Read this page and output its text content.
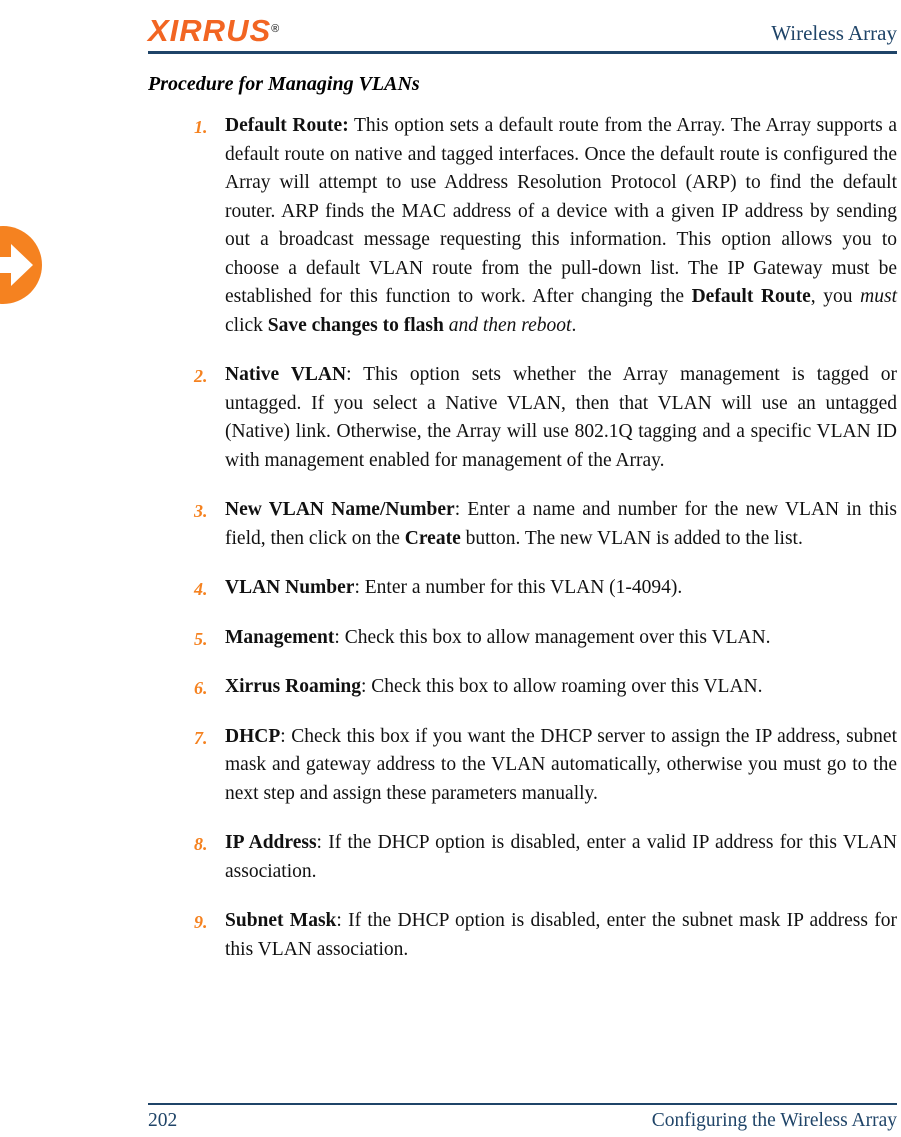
XIRRUS®	Wireless Array
Procedure for Managing VLANs
1. Default Route: This option sets a default route from the Array. The Array supports a default route on native and tagged interfaces. Once the default route is configured the Array will attempt to use Address Resolution Protocol (ARP) to find the default router. ARP finds the MAC address of a device with a given IP address by sending out a broadcast message requesting this information. This option allows you to choose a default VLAN route from the pull-down list. The IP Gateway must be established for this function to work. After changing the Default Route, you must click Save changes to flash and then reboot.
2. Native VLAN: This option sets whether the Array management is tagged or untagged. If you select a Native VLAN, then that VLAN will use an untagged (Native) link. Otherwise, the Array will use 802.1Q tagging and a specific VLAN ID with management enabled for management of the Array.
3. New VLAN Name/Number: Enter a name and number for the new VLAN in this field, then click on the Create button. The new VLAN is added to the list.
4. VLAN Number: Enter a number for this VLAN (1-4094).
5. Management: Check this box to allow management over this VLAN.
6. Xirrus Roaming: Check this box to allow roaming over this VLAN.
7. DHCP: Check this box if you want the DHCP server to assign the IP address, subnet mask and gateway address to the VLAN automatically, otherwise you must go to the next step and assign these parameters manually.
8. IP Address: If the DHCP option is disabled, enter a valid IP address for this VLAN association.
9. Subnet Mask: If the DHCP option is disabled, enter the subnet mask IP address for this VLAN association.
202	Configuring the Wireless Array
